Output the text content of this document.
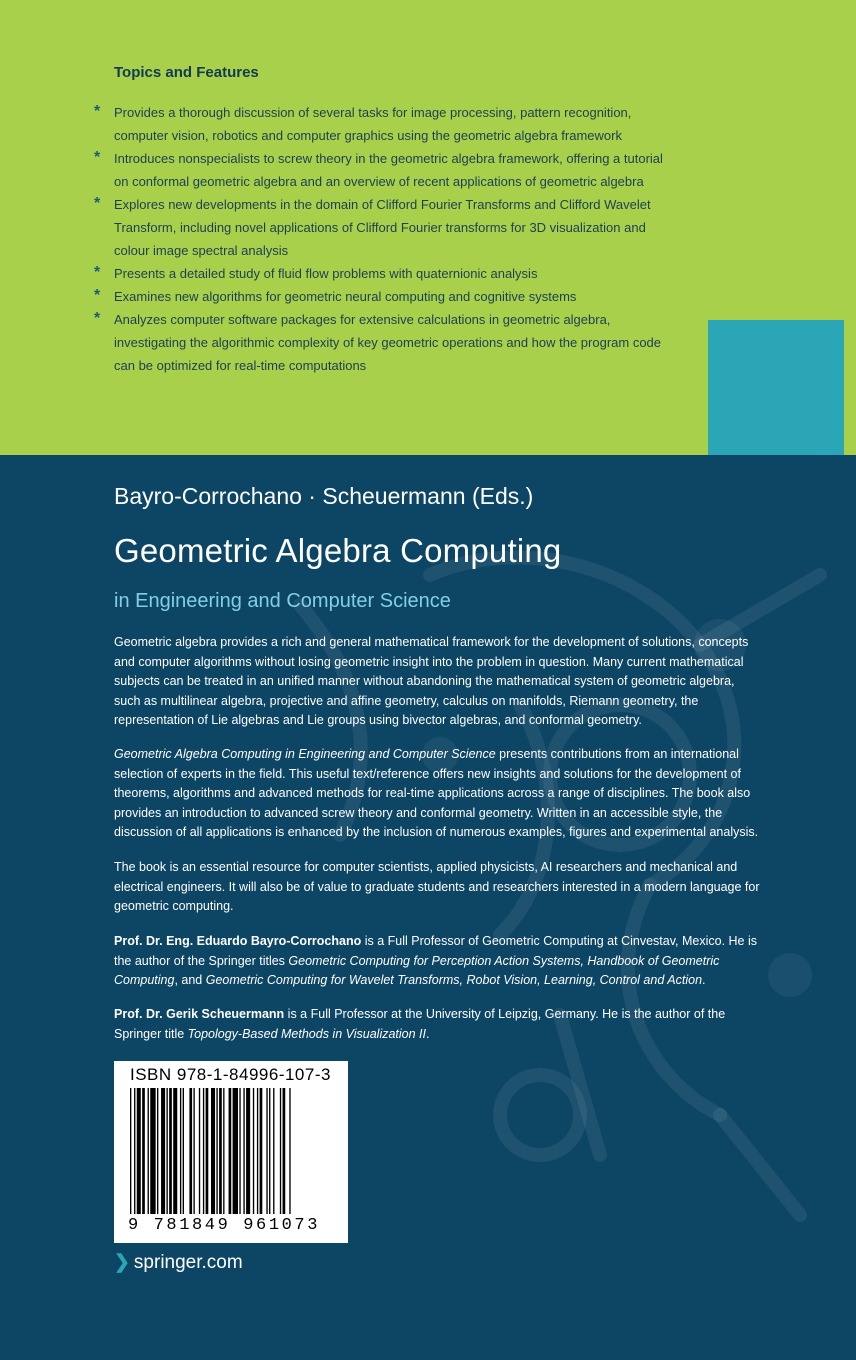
Topics and Features
* Provides a thorough discussion of several tasks for image processing, pattern recognition, computer vision, robotics and computer graphics using the geometric algebra framework
* Introduces nonspecialists to screw theory in the geometric algebra framework, offering a tutorial on conformal geometric algebra and an overview of recent applications of geometric algebra
* Explores new developments in the domain of Clifford Fourier Transforms and Clifford Wavelet Transform, including novel applications of Clifford Fourier transforms for 3D visualization and colour image spectral analysis
* Presents a detailed study of fluid flow problems with quaternionic analysis
* Examines new algorithms for geometric neural computing and cognitive systems
* Analyzes computer software packages for extensive calculations in geometric algebra, investigating the algorithmic complexity of key geometric operations and how the program code can be optimized for real-time computations
Bayro-Corrochano · Scheuermann (Eds.)
Geometric Algebra Computing
in Engineering and Computer Science

Geometric algebra provides a rich and general mathematical framework for the development of solutions, concepts and computer algorithms without losing geometric insight into the problem in question. Many current mathematical subjects can be treated in an unified manner without abandoning the mathematical system of geometric algebra, such as multilinear algebra, projective and affine geometry, calculus on manifolds, Riemann geometry, the representation of Lie algebras and Lie groups using bivector algebras, and conformal geometry.

Geometric Algebra Computing in Engineering and Computer Science presents contributions from an international selection of experts in the field. This useful text/reference offers new insights and solutions for the development of theorems, algorithms and advanced methods for real-time applications across a range of disciplines. The book also provides an introduction to advanced screw theory and conformal geometry. Written in an accessible style, the discussion of all applications is enhanced by the inclusion of numerous examples, figures and experimental analysis.

The book is an essential resource for computer scientists, applied physicists, AI researchers and mechanical and electrical engineers. It will also be of value to graduate students and researchers interested in a modern language for geometric computing.

Prof. Dr. Eng. Eduardo Bayro-Corrochano is a Full Professor of Geometric Computing at Cinvestav, Mexico. He is the author of the Springer titles Geometric Computing for Perception Action Systems, Handbook of Geometric Computing, and Geometric Computing for Wavelet Transforms, Robot Vision, Learning, Control and Action.

Prof. Dr. Gerik Scheuermann is a Full Professor at the University of Leipzig, Germany. He is the author of the Springer title Topology-Based Methods in Visualization II.

ISBN 978-1-84996-107-3
9 781849 961073
❯ springer.com
